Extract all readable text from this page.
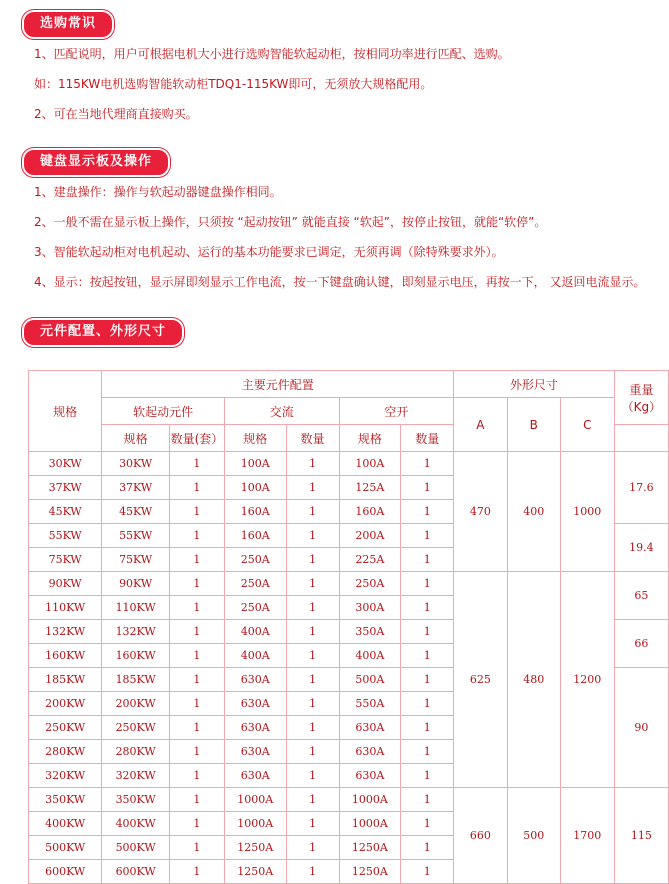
选购常识
1、匹配说明，用户可根据电机大小进行选购智能软起动柜，按相同功率进行匹配、选购。
如：115KW电机选购智能软动柜TDQ1-115KW即可，无须放大规格配用。
2、可在当地代理商直接购买。
键盘显示板及操作
1、建盘操作：操作与软起动器键盘操作相同。
2、一般不需在显示板上操作，只须按 “起动按钮” 就能直接 “软起”，按停止按钮，就能“软停”。
3、智能软起动柜对电机起动、运行的基本功能要求已调定，无须再调（除特殊要求外）。
4、显示：按起按钮，显示屏即刻显示工作电流，按一下键盘确认键，即刻显示电压，再按一下， 又返回电流显示。
元件配置、外形尺寸
规格	主要元件配置						外形尺寸			重量
（Kg）

	软起动元件		交流		空开		A	B	C	
	规格	数量(套）	规格	数量	规格	数量				
30KW	30KW	1	100A	1	100A	1	470	400	1000	17.6
37KW	37KW	1	100A	1	125A	1				
45KW	45KW	1	160A	1	160A	1				
55KW	55KW	1	160A	1	200A	1				19.4
75KW	75KW	1	250A	1	225A	1				
90KW	90KW	1	250A	1	250A	1	625	480	1200	65
110KW	110KW	1	250A	1	300A	1				
132KW	132KW	1	400A	1	350A	1				66
160KW	160KW	1	400A	1	400A	1				
185KW	185KW	1	630A	1	500A	1				90
200KW	200KW	1	630A	1	550A	1				
250KW	250KW	1	630A	1	630A	1				
280KW	280KW	1	630A	1	630A	1				
320KW	320KW	1	630A	1	630A	1				
350KW	350KW	1	1000A	1	1000A	1	660	500	1700	115
400KW	400KW	1	1000A	1	1000A	1				
500KW	500KW	1	1250A	1	1250A	1				
600KW	600KW	1	1250A	1	1250A	1				
